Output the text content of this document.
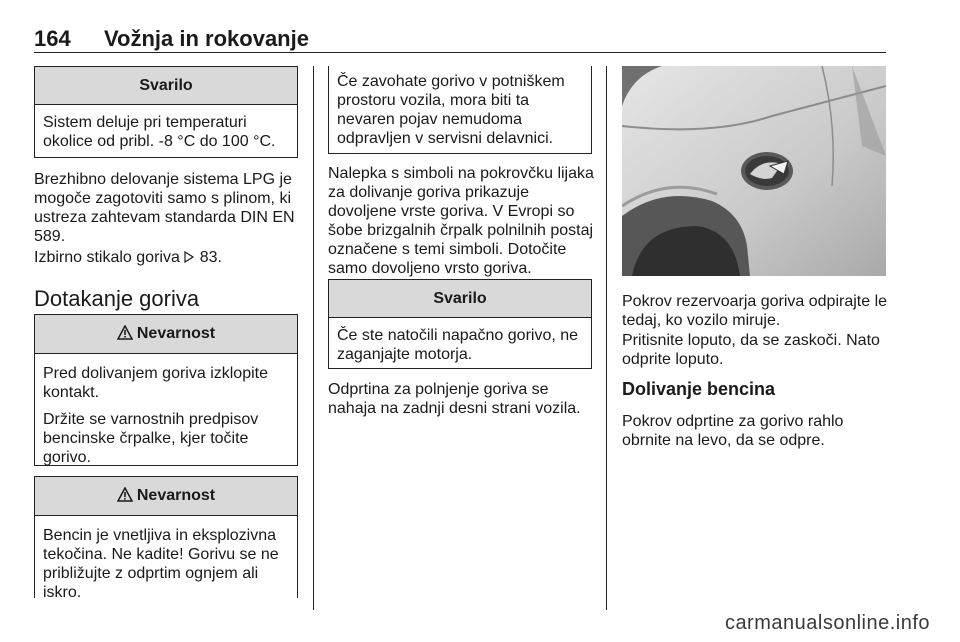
164 Vožnja in rokovanje
Svarilo

Sistem deluje pri temperaturi okolice od pribl. -8 °C do 100 °C.

Brezhibno delovanje sistema LPG je mogoče zagotoviti samo s plinom, ki ustreza zahtevam standarda DIN EN 589.

Izbirno stikalo goriva 83.

Dotakanje goriva
Nevarnost

Pred dolivanjem goriva izklopite kontakt.

Držite se varnostnih predpisov bencinske črpalke, kjer točite gorivo.

Nevarnost

Bencin je vnetljiva in eksplozivna tekočina. Ne kadite! Gorivu se ne približujte z odprtim ognjem ali iskro.

Če zavohate gorivo v potniškem prostoru vozila, mora biti ta nevaren pojav nemudoma odpravljen v servisni delavnici.

Nalepka s simboli na pokrovčku lijaka za dolivanje goriva prikazuje dovoljene vrste goriva. V Evropi so šobe brizgalnih črpalk polnilnih postaj označene s temi simboli. Dotočite samo dovoljeno vrsto goriva.

Svarilo

Če ste natočili napačno gorivo, ne zaganjajte motorja.

Odprtina za polnjenje goriva se nahaja na zadnji desni strani vozila.

Pokrov rezervoarja goriva odpirajte le tedaj, ko vozilo miruje.

Pritisnite loputo, da se zaskoči. Nato odprite loputo.

Dolivanje bencina

Pokrov odprtine za gorivo rahlo obrnite na levo, da se odpre.

carmanualsonline.info
